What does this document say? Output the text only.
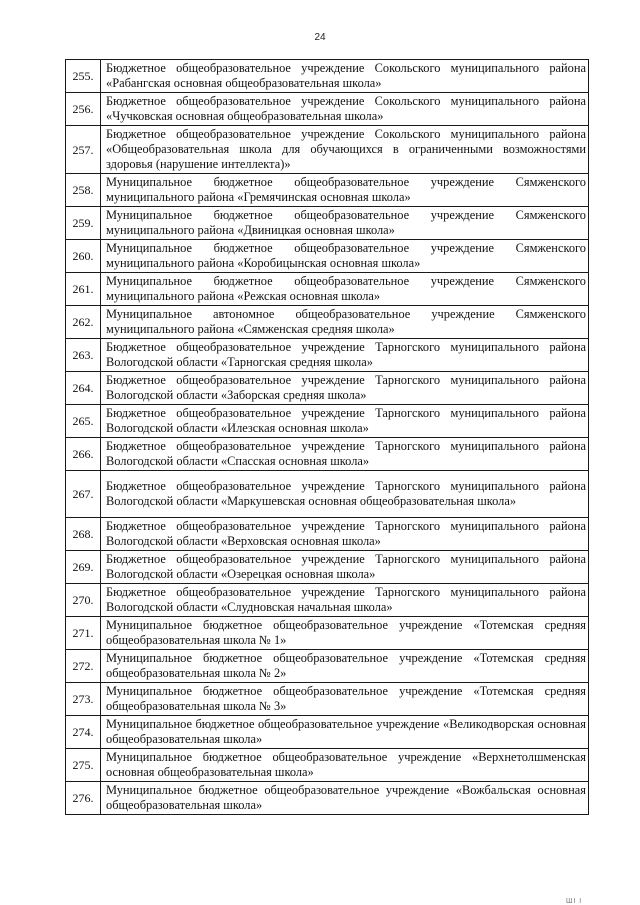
24
255.	Бюджетное общеобразовательное учреждение Сокольского муниципального района «Рабангская основная общеобразовательная школа»
256.	Бюджетное общеобразовательное учреждение Сокольского муниципального района «Чучковская основная общеобразовательная школа»
257.	Бюджетное общеобразовательное учреждение Сокольского муниципального района «Общеобразовательная школа для обучающихся в ограниченными возможностями здоровья (нарушение интеллекта)»
258.	Муниципальное бюджетное общеобразовательное учреждение Сямженского муниципального района «Гремячинская основная школа»
259.	Муниципальное бюджетное общеобразовательное учреждение Сямженского муниципального района «Двиницкая основная школа»
260.	Муниципальное бюджетное общеобразовательное учреждение Сямженского муниципального района «Коробицынская основная школа»
261.	Муниципальное бюджетное общеобразовательное учреждение Сямженского муниципального района «Режская основная школа»
262.	Муниципальное автономное общеобразовательное учреждение Сямженского муниципального района «Сямженская средняя школа»
263.	Бюджетное общеобразовательное учреждение Тарногского муниципального района Вологодской области «Тарногская средняя школа»
264.	Бюджетное общеобразовательное учреждение Тарногского муниципального района Вологодской области «Заборская средняя школа»
265.	Бюджетное общеобразовательное учреждение Тарногского муниципального района Вологодской области «Илезская основная школа»
266.	Бюджетное общеобразовательное учреждение Тарногского муниципального района Вологодской области «Спасская основная школа»
267.	Бюджетное общеобразовательное учреждение Тарногского муниципального района Вологодской области «Маркушевская основная общеобразовательная школа»
268.	Бюджетное общеобразовательное учреждение Тарногского муниципального района Вологодской области «Верховская основная школа»
269.	Бюджетное общеобразовательное учреждение Тарногского муниципального района Вологодской области «Озерецкая основная школа»
270.	Бюджетное общеобразовательное учреждение Тарногского муниципального района Вологодской области «Слудновская начальная школа»
271.	Муниципальное бюджетное общеобразовательное учреждение «Тотемская средняя общеобразовательная школа № 1»
272.	Муниципальное бюджетное общеобразовательное учреждение «Тотемская средняя общеобразовательная школа № 2»
273.	Муниципальное бюджетное общеобразовательное учреждение «Тотемская средняя общеобразовательная школа № 3»
274.	Муниципальное бюджетное общеобразовательное учреждение «Великодворская основная общеобразовательная школа»
275.	Муниципальное бюджетное общеобразовательное учреждение «Верхнетолшменская основная общеобразовательная школа»
276.	Муниципальное бюджетное общеобразовательное учреждение «Вожбальская основная общеобразовательная школа»
ШI I
